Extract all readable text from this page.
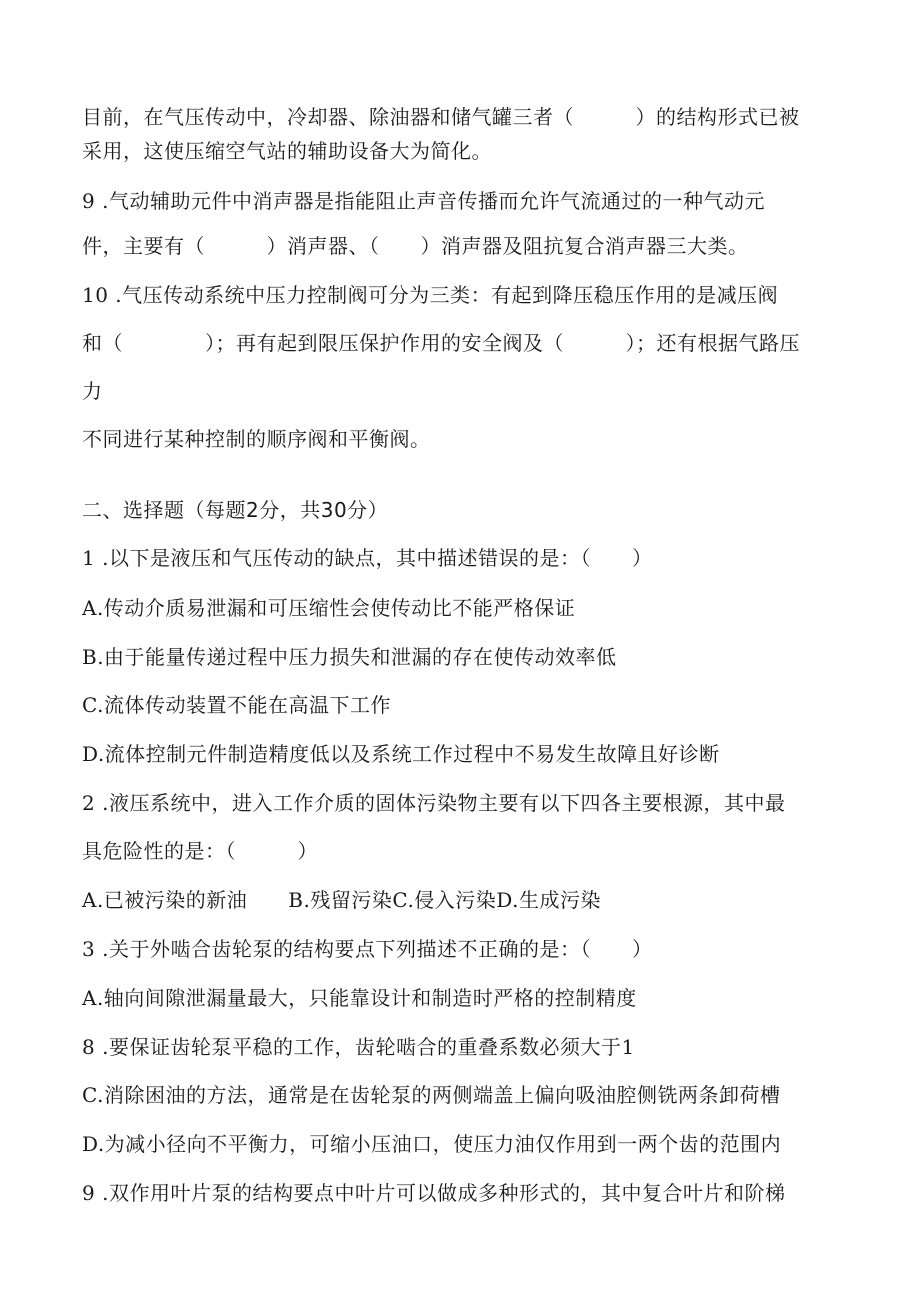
目前，在气压传动中，冷却器、除油器和储气罐三者（　　　）的结构形式已被
采用，这使压缩空气站的辅助设备大为简化。
9 .气动辅助元件中消声器是指能阻止声音传播而允许气流通过的一种气动元
件，主要有（　　　）消声器、（　　）消声器及阻抗复合消声器三大类。
10 .气压传动系统中压力控制阀可分为三类：有起到降压稳压作用的是减压阀
和（　　　　）；再有起到限压保护作用的安全阀及（　　　）；还有根据气路压
力
不同进行某种控制的顺序阀和平衡阀。
二、选择题（每题2分，共30分）
1 .以下是液压和气压传动的缺点，其中描述错误的是：（　　）
A.传动介质易泄漏和可压缩性会使传动比不能严格保证
B.由于能量传递过程中压力损失和泄漏的存在使传动效率低
C.流体传动装置不能在高温下工作
D.流体控制元件制造精度低以及系统工作过程中不易发生故障且好诊断
2 .液压系统中，进入工作介质的固体污染物主要有以下四各主要根源，其中最
具危险性的是：（　　　）
A.已被污染的新油　　B.残留污染C.侵入污染D.生成污染
3 .关于外啮合齿轮泵的结构要点下列描述不正确的是：（　　）
A.轴向间隙泄漏量最大，只能靠设计和制造时严格的控制精度
8 .要保证齿轮泵平稳的工作，齿轮啮合的重叠系数必须大于1
C.消除困油的方法，通常是在齿轮泵的两侧端盖上偏向吸油腔侧铣两条卸荷槽
D.为减小径向不平衡力，可缩小压油口，使压力油仅作用到一两个齿的范围内
9 .双作用叶片泵的结构要点中叶片可以做成多种形式的，其中复合叶片和阶梯
